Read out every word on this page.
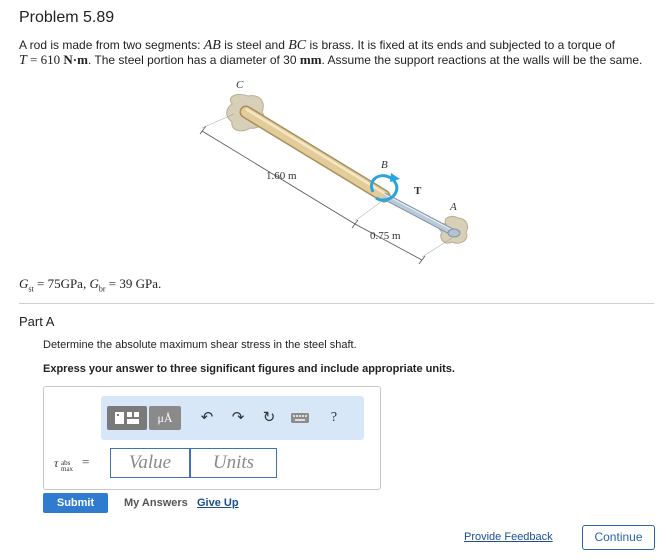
Problem 5.89
A rod is made from two segments: AB is steel and BC is brass. It is fixed at its ends and subjected to a torque of
T = 610 N·m. The steel portion has a diameter of 30 mm. Assume the support reactions at the walls will be the same.
C
B
T
A
1.60 m
0.75 m
$G_{st} = 75GPa$, $G_{br} = 39$ GPa.
Part A
Determine the absolute maximum shear stress in the steel shaft.
Express your answer to three significant figures and include appropriate units.
μÅ	↶ ↷ ↻	?
τ abs
max =	Value	Units
Submit	My Answers Give Up
Provide Feedback	Continue
